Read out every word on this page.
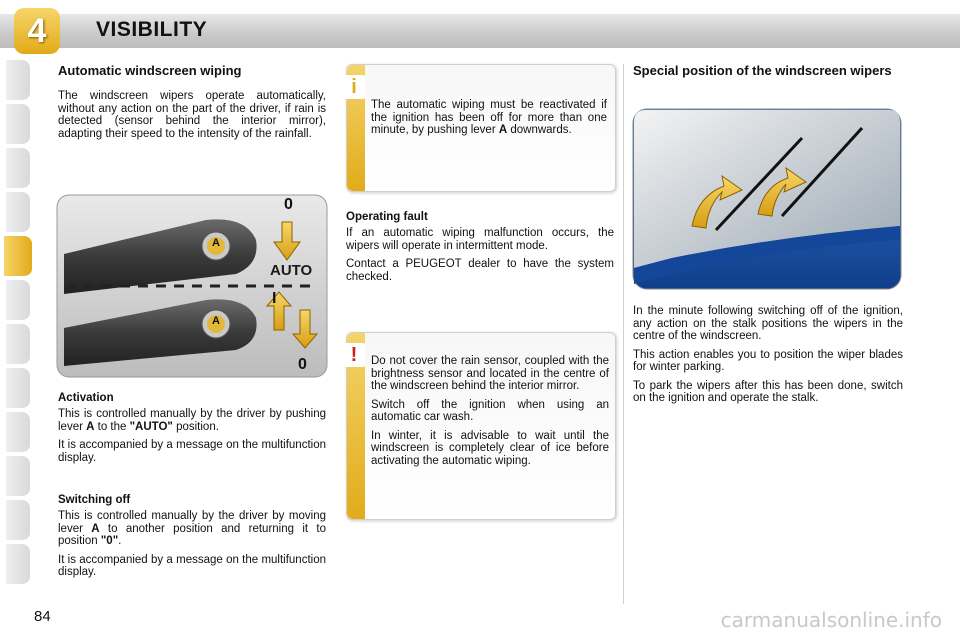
4	VISIBILITY
Automatic windscreen wiping

The windscreen wipers operate automatically, without any action on the part of the driver, if rain is detected (sensor behind the interior mirror), adapting their speed to the intensity of the rainfall.

A
A
0
AUTO
I
0
Activation

This is controlled manually by the driver by pushing lever A to the "AUTO" position.

It is accompanied by a message on the multifunction display.

Switching off

This is controlled manually by the driver by moving lever A to another position and returning it to position "0".

It is accompanied by a message on the multifunction display.

i

The automatic wiping must be reactivated if the ignition has been off for more than one minute, by pushing lever A downwards.

Operating fault

If an automatic wiping malfunction occurs, the wipers will operate in intermittent mode.

Contact a PEUGEOT dealer to have the system checked.

!	Do not cover the rain sensor, coupled with the brightness sensor and located in the centre of the windscreen behind the interior mirror.

Switch off the ignition when using an automatic car wash.

In winter, it is advisable to wait until the windscreen is completely clear of ice before activating the automatic wiping.

Special position of the windscreen wipers

In the minute following switching off of the ignition, any action on the stalk positions the wipers in the centre of the windscreen.

This action enables you to position the wiper blades for winter parking.

To park the wipers after this has been done, switch on the ignition and operate the stalk.

84	carmanualsonline.info
